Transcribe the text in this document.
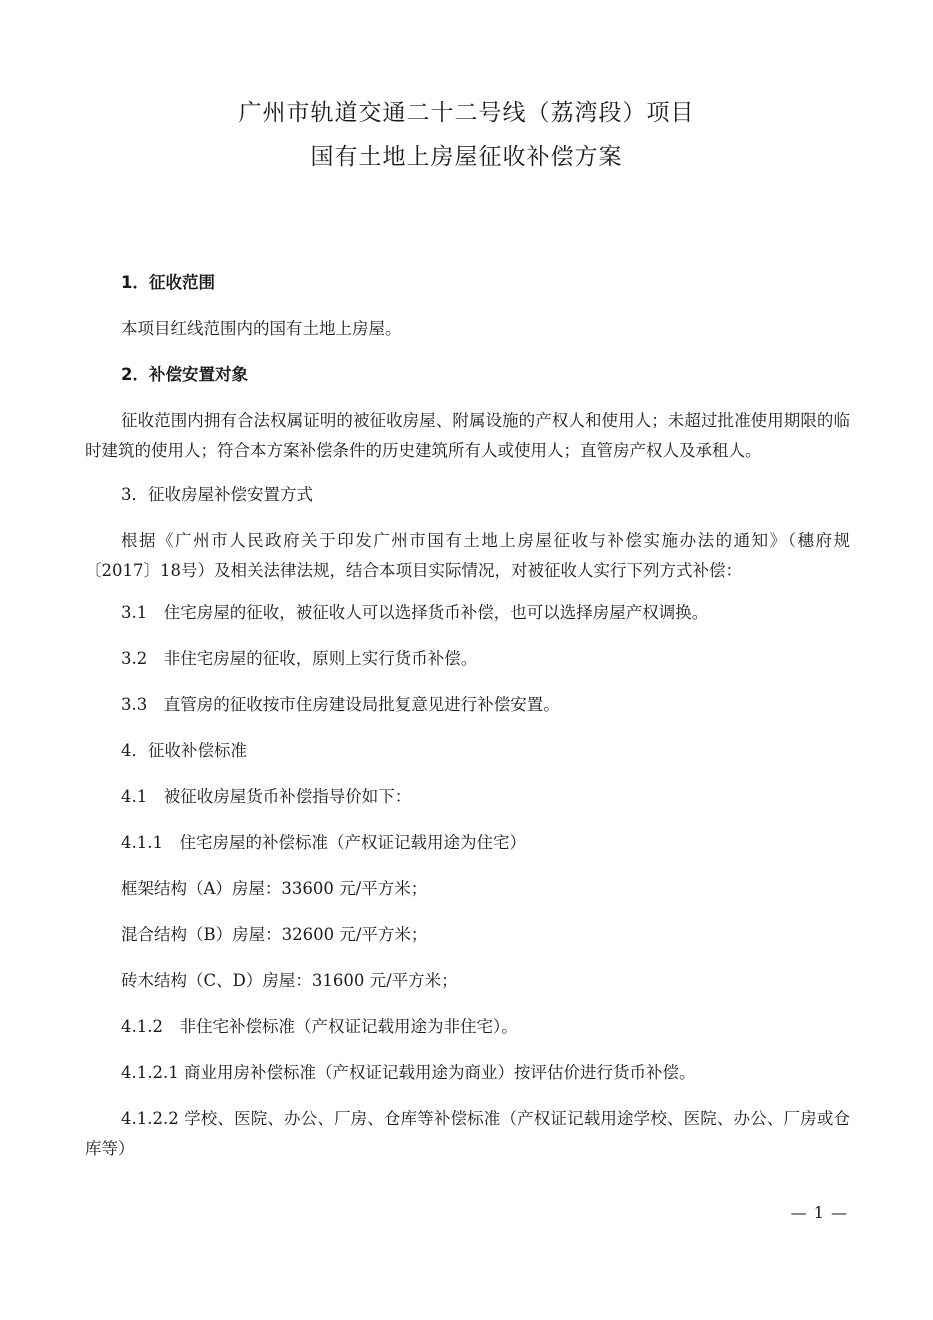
广州市轨道交通二十二号线（荔湾段）项目
国有土地上房屋征收补偿方案

1．征收范围

本项目红线范围内的国有土地上房屋。

2．补偿安置对象

征收范围内拥有合法权属证明的被征收房屋、附属设施的产权人和使用人；未超过批准使用期限的临时建筑的使用人；符合本方案补偿条件的历史建筑所有人或使用人；直管房产权人及承租人。

3．征收房屋补偿安置方式

根据《广州市人民政府关于印发广州市国有土地上房屋征收与补偿实施办法的通知》（穗府规〔2017〕18号）及相关法律法规，结合本项目实际情况，对被征收人实行下列方式补偿：

3.1　住宅房屋的征收，被征收人可以选择货币补偿，也可以选择房屋产权调换。

3.2　非住宅房屋的征收，原则上实行货币补偿。

3.3　直管房的征收按市住房建设局批复意见进行补偿安置。

4．征收补偿标准

4.1　被征收房屋货币补偿指导价如下：

4.1.1　住宅房屋的补偿标准（产权证记载用途为住宅）

框架结构（A）房屋：33600 元/平方米；

混合结构（B）房屋：32600 元/平方米；

砖木结构（C、D）房屋：31600 元/平方米；

4.1.2　非住宅补偿标准（产权证记载用途为非住宅）。

4.1.2.1 商业用房补偿标准（产权证记载用途为商业）按评估价进行货币补偿。

4.1.2.2 学校、医院、办公、厂房、仓库等补偿标准（产权证记载用途学校、医院、办公、厂房或仓库等）

— 1 —
